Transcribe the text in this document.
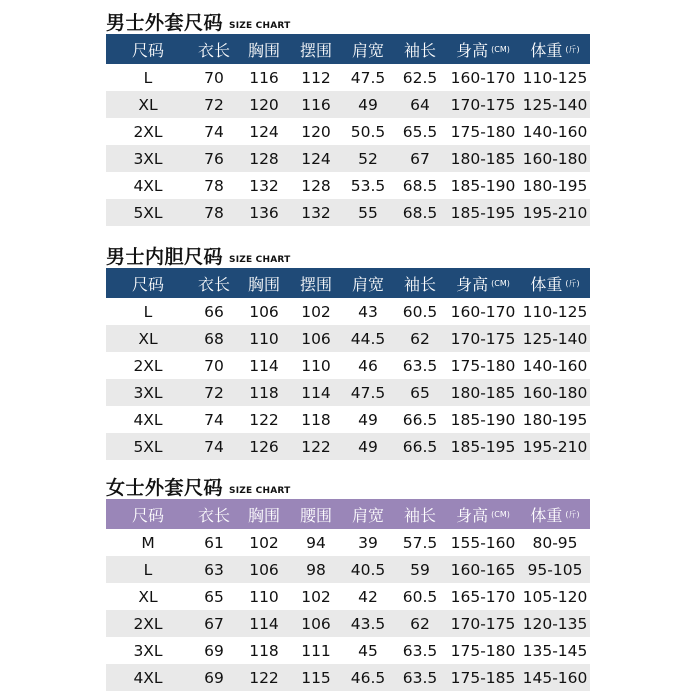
男士外套尺码 SIZE CHART
尺码 衣长 胸围 摆围 肩宽 袖长 身高 (CM) 体重 (斤)
L	70	116	112	47.5	62.5 160-170 110-125
XL	72	120	116	49	64	170-175 125-140
2XL	74	124	120	50.5	65.5 175-180 140-160
3XL	76	128	124	52	67	180-185 160-180
4XL	78	132	128	53.5	68.5 185-190 180-195
5XL	78	136	132	55	68.5 185-195 195-210
男士内胆尺码 SIZE CHART
尺码 衣长 胸围 摆围 肩宽 袖长 身高 (CM) 体重 (斤)
L	66	106	102	43	60.5 160-170 110-125
XL	68	110	106	44.5	62	170-175 125-140
2XL	70	114	110	46	63.5 175-180 140-160
3XL	72	118	114	47.5	65	180-185 160-180
4XL	74	122	118	49	66.5 185-190 180-195
5XL	74	126	122	49	66.5 185-195 195-210
女士外套尺码 SIZE CHART
尺码 衣长 胸围 腰围 肩宽 袖长 身高 (CM) 体重 (斤)
M	61	102	94	39	57.5 155-160	80-95
L	63	106	98	40.5	59	160-165 95-105
XL	65	110	102	42	60.5 165-170 105-120
2XL	67	114	106	43.5	62	170-175 120-135
3XL	69	118	111	45	63.5 175-180 135-145
4XL	69	122	115	46.5	63.5 175-185 145-160
